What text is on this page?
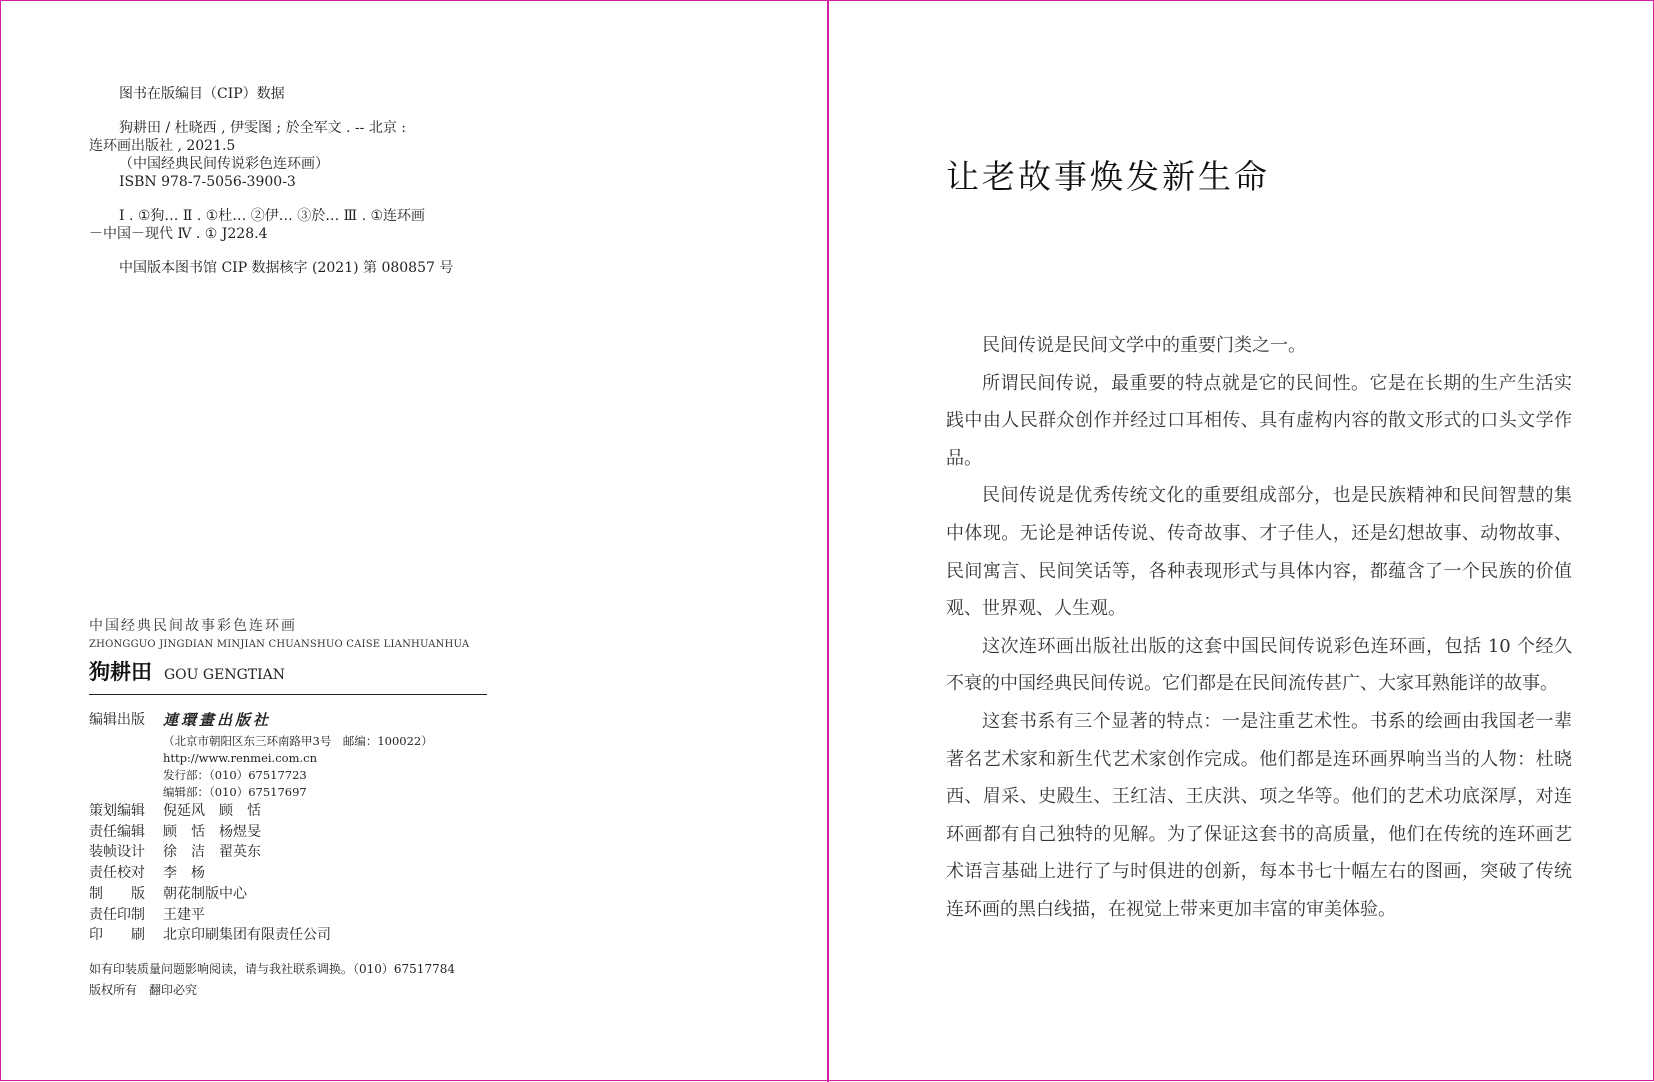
图书在版编目（CIP）数据
狗耕田 / 杜晓西 , 伊雯图 ; 於全军文 . -- 北京 :
连环画出版社 , 2021.5
（中国经典民间传说彩色连环画）
ISBN 978-7-5056-3900-3
Ⅰ . ①狗… Ⅱ . ①杜… ②伊… ③於… Ⅲ . ①连环画
－中国－现代 Ⅳ . ① J228.4
中国版本图书馆 CIP 数据核字 (2021) 第 080857 号
中国经典民间故事彩色连环画
ZHONGGUO JINGDIAN MINJIAN CHUANSHUO CAISE LIANHUANHUA
狗耕田 GOU GENGTIAN
编辑出版	連環畫出版社
（北京市朝阳区东三环南路甲3号　邮编：100022）
http://www.renmei.com.cn
发行部：（010）67517723
编辑部：（010）67517697
策划编辑	倪延风　顾　恬
责任编辑	顾　恬　杨煜旻
装帧设计	徐　洁　翟英东
责任校对	李　杨
制　　版	朝花制版中心
责任印制	王建平
印　　刷	北京印刷集团有限责任公司
如有印装质量问题影响阅读，请与我社联系调换。（010）67517784
版权所有　翻印必究
让老故事焕发新生命

民间传说是民间文学中的重要门类之一。

所谓民间传说，最重要的特点就是它的民间性。它是在长期的生产生活实践中由人民群众创作并经过口耳相传、具有虚构内容的散文形式的口头文学作品。

民间传说是优秀传统文化的重要组成部分，也是民族精神和民间智慧的集中体现。无论是神话传说、传奇故事、才子佳人，还是幻想故事、动物故事、民间寓言、民间笑话等，各种表现形式与具体内容，都蕴含了一个民族的价值观、世界观、人生观。

这次连环画出版社出版的这套中国民间传说彩色连环画，包括 10 个经久不衰的中国经典民间传说。它们都是在民间流传甚广、大家耳熟能详的故事。

这套书系有三个显著的特点：一是注重艺术性。书系的绘画由我国老一辈著名艺术家和新生代艺术家创作完成。他们都是连环画界响当当的人物：杜晓西、眉采、史殿生、王红洁、王庆洪、项之华等。他们的艺术功底深厚，对连环画都有自己独特的见解。为了保证这套书的高质量，他们在传统的连环画艺术语言基础上进行了与时俱进的创新，每本书七十幅左右的图画，突破了传统连环画的黑白线描，在视觉上带来更加丰富的审美体验。
